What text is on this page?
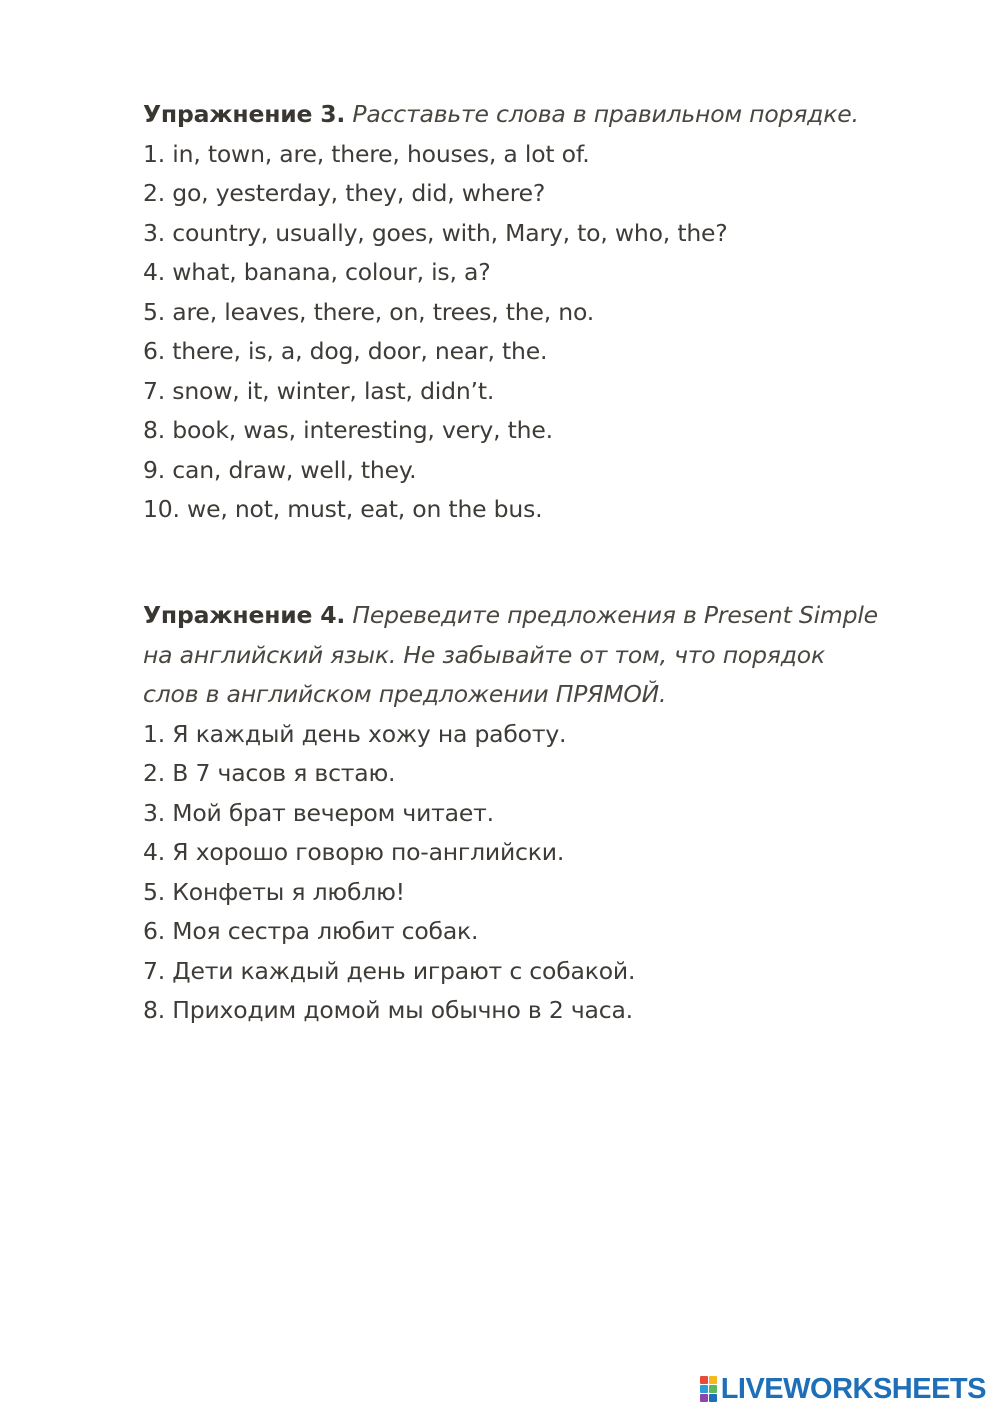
Упражнение 3. Расставьте слова в правильном порядке.

1. in, town, are, there, houses, a lot of.
2. go, yesterday, they, did, where?
3. country, usually, goes, with, Mary, to, who, the?
4. what, banana, colour, is, a?
5. are, leaves, there, on, trees, the, no.
6. there, is, a, dog, door, near, the.
7. snow, it, winter, last, didn’t.
8. book, was, interesting, very, the.
9. can, draw, well, they.
10. we, not, must, eat, on the bus.
Упражнение 4. Переведите предложения в Present Simple
на английский язык. Не забывайте от том, что порядок
слов в английском предложении ПРЯМОЙ.
1. Я каждый день хожу на работу.
2. В 7 часов я встаю.
3. Мой брат вечером читает.
4. Я хорошо говорю по-английски.
5. Конфеты я люблю!
6. Моя сестра любит собак.
7. Дети каждый день играют с собакой.
8. Приходим домой мы обычно в 2 часа.
LIVEWORKSHEETS
